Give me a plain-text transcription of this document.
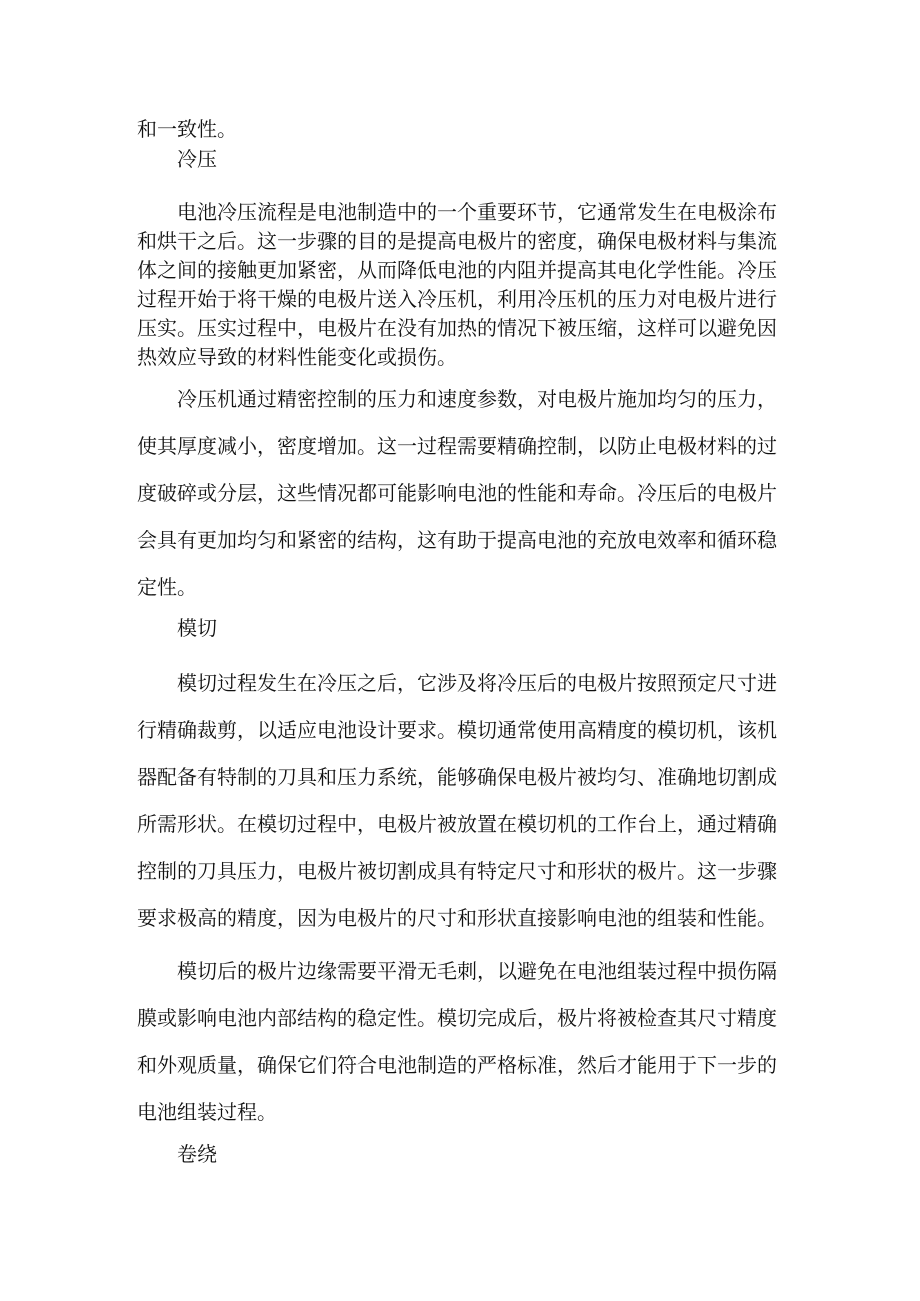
和一致性。
冷压

电池冷压流程是电池制造中的一个重要环节，它通常发生在电极涂布和烘干之后。这一步骤的目的是提高电极片的密度，确保电极材料与集流体之间的接触更加紧密，从而降低电池的内阻并提高其电化学性能。冷压过程开始于将干燥的电极片送入冷压机，利用冷压机的压力对电极片进行压实。压实过程中，电极片在没有加热的情况下被压缩，这样可以避免因热效应导致的材料性能变化或损伤。

冷压机通过精密控制的压力和速度参数，对电极片施加均匀的压力，使其厚度减小，密度增加。这一过程需要精确控制，以防止电极材料的过度破碎或分层，这些情况都可能影响电池的性能和寿命。冷压后的电极片会具有更加均匀和紧密的结构，这有助于提高电池的充放电效率和循环稳定性。

模切

模切过程发生在冷压之后，它涉及将冷压后的电极片按照预定尺寸进行精确裁剪，以适应电池设计要求。模切通常使用高精度的模切机，该机器配备有特制的刀具和压力系统，能够确保电极片被均匀、准确地切割成所需形状。在模切过程中，电极片被放置在模切机的工作台上，通过精确控制的刀具压力，电极片被切割成具有特定尺寸和形状的极片。这一步骤要求极高的精度，因为电极片的尺寸和形状直接影响电池的组装和性能。

模切后的极片边缘需要平滑无毛刺，以避免在电池组装过程中损伤隔膜或影响电池内部结构的稳定性。模切完成后，极片将被检查其尺寸精度和外观质量，确保它们符合电池制造的严格标准，然后才能用于下一步的电池组装过程。

卷绕
